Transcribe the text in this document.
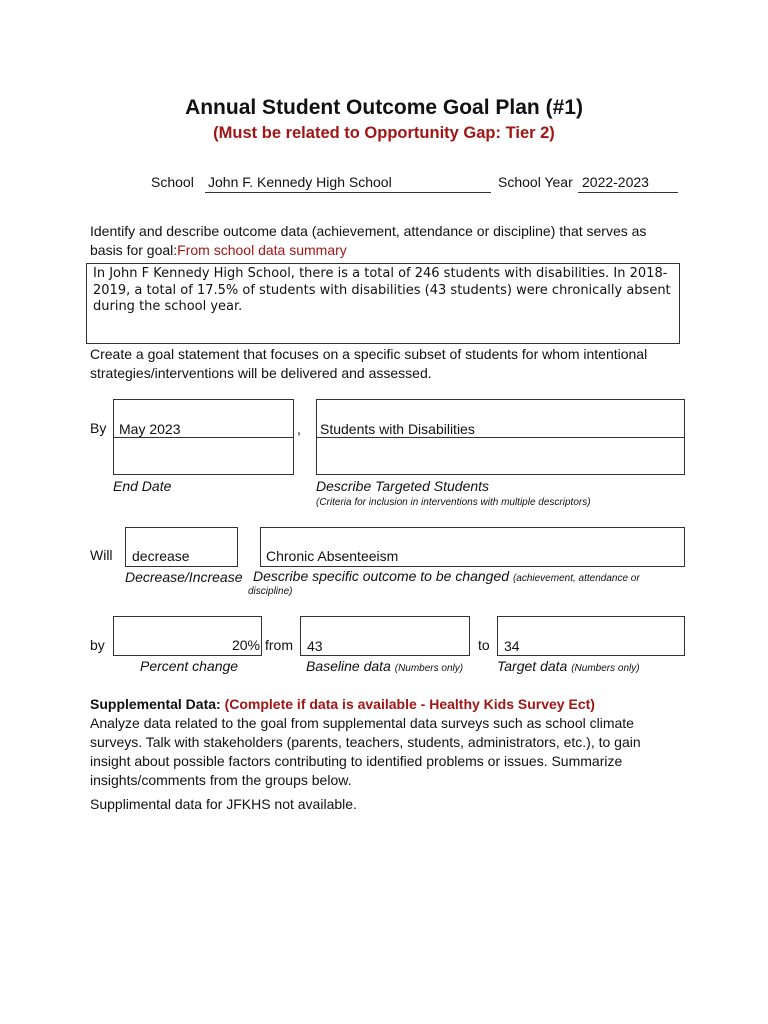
Annual Student Outcome Goal Plan (#1)
(Must be related to Opportunity Gap: Tier 2)
School John F. Kennedy High School	School Year 2022-2023
Identify and describe outcome data (achievement, attendance or discipline) that serves as basis for goal:From school data summary
In John F Kennedy High School, there is a total of 246 students with disabilities. In 2018- 2019, a total of 17.5% of students with disabilities (43 students) were chronically absent during the school year.
Create a goal statement that focuses on a specific subset of students for whom intentional strategies/interventions will be delivered and assessed.
By May 2023	, Students with Disabilities
End Date	Describe Targeted Students
(Criteria for inclusion in interventions with multiple descriptors)
Will	decrease	Chronic Absenteeism
Decrease/Increase Describe specific outcome to be changed (achievement, attendance or
discipline)
by	20% from	43	to	34
Percent change	Baseline data (Numbers only) Target data (Numbers only)
Supplemental Data: (Complete if data is available - Healthy Kids Survey Ect)
Analyze data related to the goal from supplemental data surveys such as school climate surveys. Talk with stakeholders (parents, teachers, students, administrators, etc.), to gain insight about possible factors contributing to identified problems or issues. Summarize insights/comments from the groups below.
Supplimental data for JFKHS not available.
